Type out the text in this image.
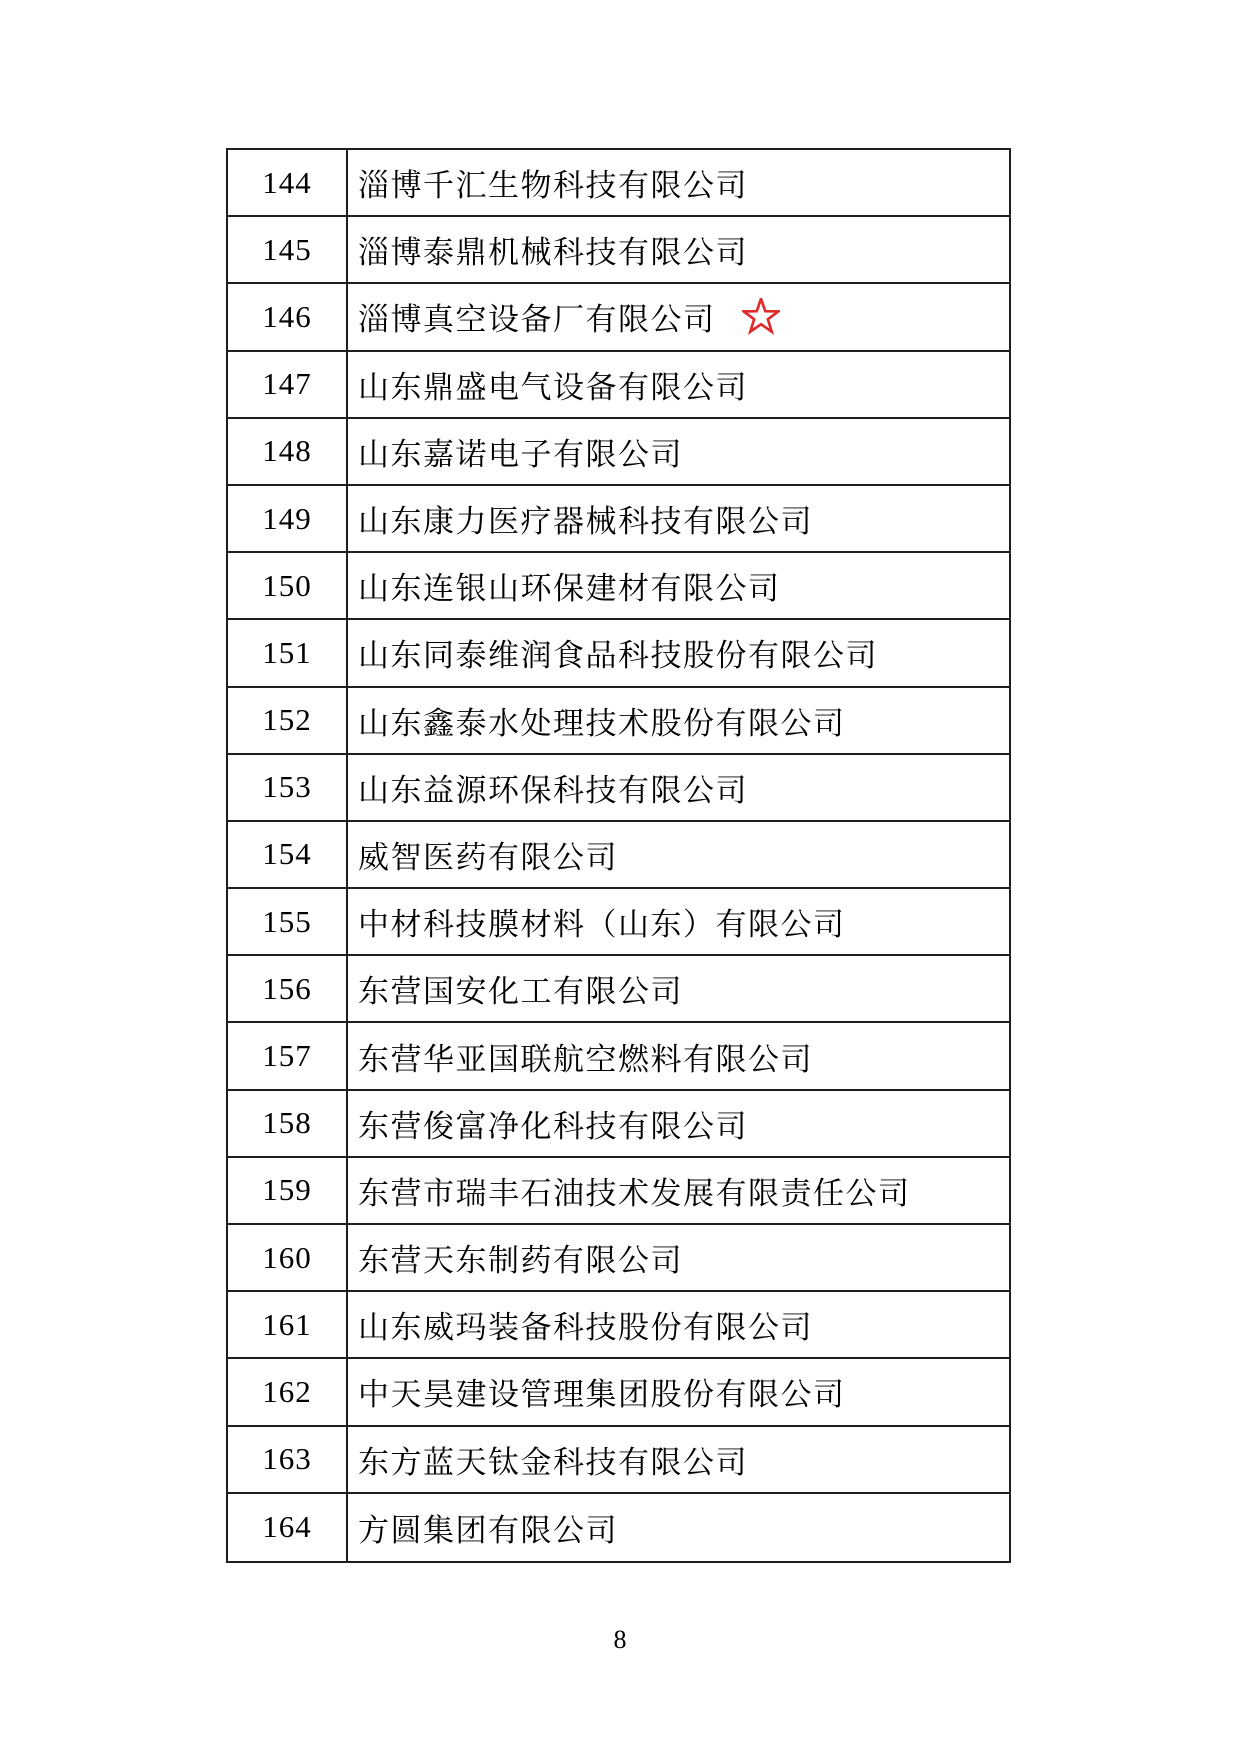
144 淄博千汇生物科技有限公司
145 淄博泰鼎机械科技有限公司
146 淄博真空设备厂有限公司
147 山东鼎盛电气设备有限公司
148 山东嘉诺电子有限公司
149 山东康力医疗器械科技有限公司
150 山东连银山环保建材有限公司
151 山东同泰维润食品科技股份有限公司
152 山东鑫泰水处理技术股份有限公司
153 山东益源环保科技有限公司
154 威智医药有限公司
155 中材科技膜材料（山东）有限公司
156 东营国安化工有限公司
157 东营华亚国联航空燃料有限公司
158 东营俊富净化科技有限公司
159 东营市瑞丰石油技术发展有限责任公司
160 东营天东制药有限公司
161 山东威玛装备科技股份有限公司
162 中天昊建设管理集团股份有限公司
163 东方蓝天钛金科技有限公司
164 方圆集团有限公司
8
